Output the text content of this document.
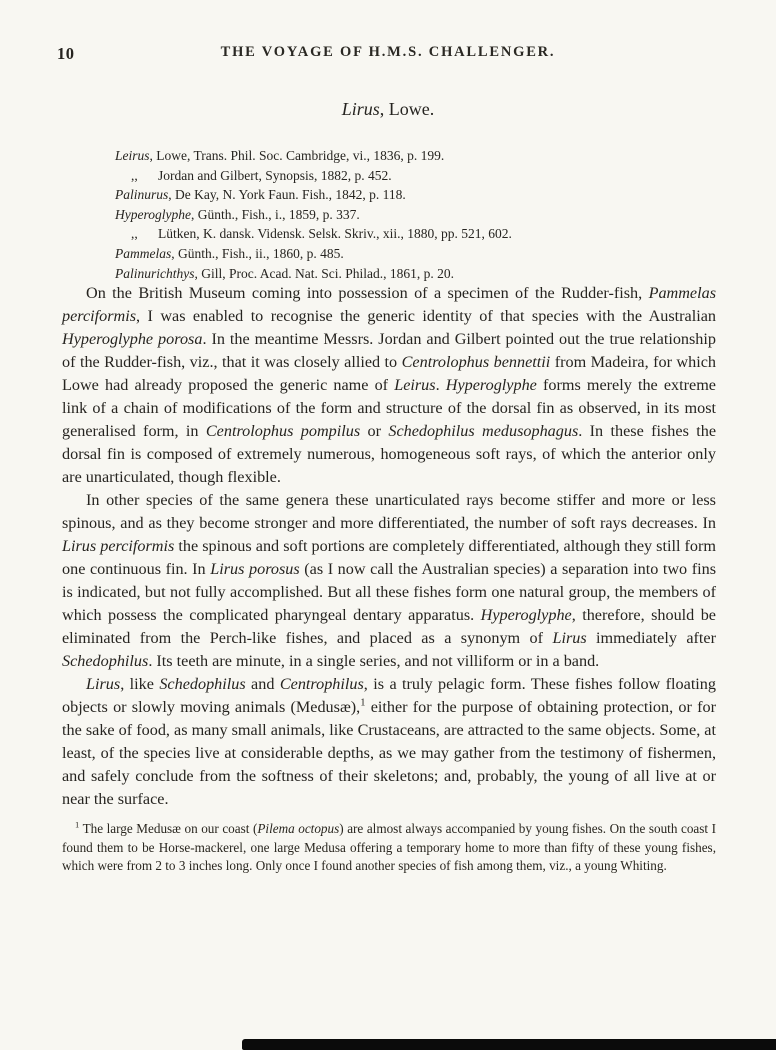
10	THE VOYAGE OF H.M.S. CHALLENGER.
Lirus, Lowe.
Leirus, Lowe, Trans. Phil. Soc. Cambridge, vi., 1836, p. 199.
,,      Jordan and Gilbert, Synopsis, 1882, p. 452.
Palinurus, De Kay, N. York Faun. Fish., 1842, p. 118.
Hyperoglyphe, Günth., Fish., i., 1859, p. 337.
,,      Lütken, K. dansk. Vidensk. Selsk. Skriv., xii., 1880, pp. 521, 602.
Pammelas, Günth., Fish., ii., 1860, p. 485.
Palinurichthys, Gill, Proc. Acad. Nat. Sci. Philad., 1861, p. 20.

On the British Museum coming into possession of a specimen of the Rudder-fish, Pammelas perciformis, I was enabled to recognise the generic identity of that species with the Australian Hyperoglyphe porosa. In the meantime Messrs. Jordan and Gilbert pointed out the true relationship of the Rudder-fish, viz., that it was closely allied to Centrolophus bennettii from Madeira, for which Lowe had already proposed the generic name of Leirus. Hyperoglyphe forms merely the extreme link of a chain of modifications of the form and structure of the dorsal fin as observed, in its most generalised form, in Centrolophus pompilus or Schedophilus medusophagus. In these fishes the dorsal fin is composed of extremely numerous, homogeneous soft rays, of which the anterior only are unarticulated, though flexible.

In other species of the same genera these unarticulated rays become stiffer and more or less spinous, and as they become stronger and more differentiated, the number of soft rays decreases. In Lirus perciformis the spinous and soft portions are completely differentiated, although they still form one continuous fin. In Lirus porosus (as I now call the Australian species) a separation into two fins is indicated, but not fully accomplished. But all these fishes form one natural group, the members of which possess the complicated pharyngeal dentary apparatus. Hyperoglyphe, therefore, should be eliminated from the Perch-like fishes, and placed as a synonym of Lirus immediately after Schedophilus. Its teeth are minute, in a single series, and not villiform or in a band.

Lirus, like Schedophilus and Centrophilus, is a truly pelagic form. These fishes follow floating objects or slowly moving animals (Medusæ),$^1$ either for the purpose of obtaining protection, or for the sake of food, as many small animals, like Crustaceans, are attracted to the same objects. Some, at least, of the species live at considerable depths, as we may gather from the testimony of fishermen, and safely conclude from the softness of their skeletons; and, probably, the young of all live at or near the surface.

$^1$ The large Medusæ on our coast (Pilema octopus) are almost always accompanied by young fishes. On the south coast I found them to be Horse-mackerel, one large Medusa offering a temporary home to more than fifty of these young fishes, which were from 2 to 3 inches long. Only once I found another species of fish among them, viz., a young Whiting.
